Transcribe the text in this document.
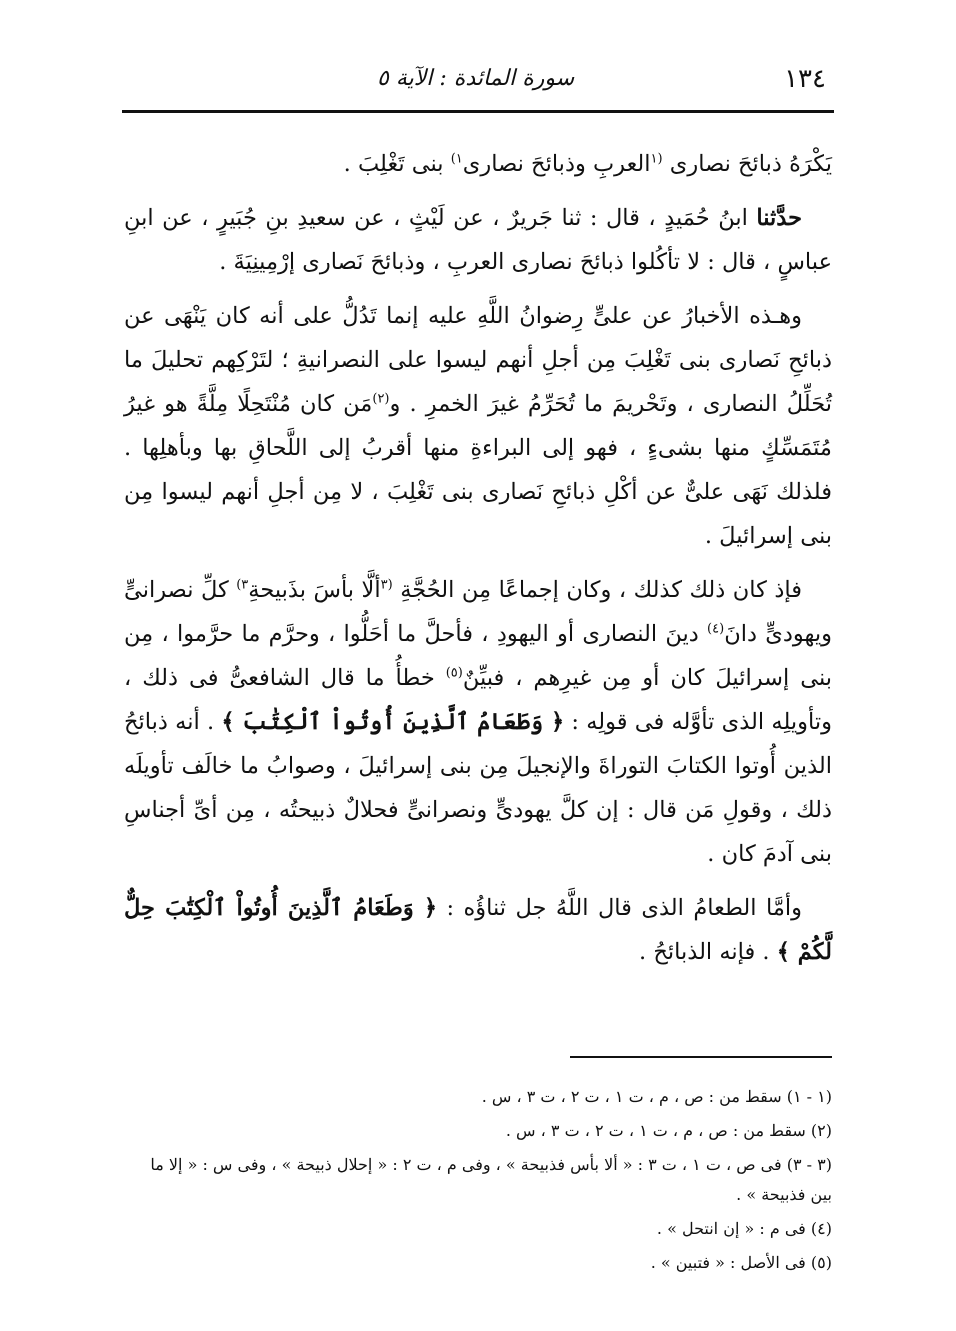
١٣٤
سورة المائدة : الآية ٥

يَكْرَهُ ذبائحَ نصارى $^{(١}$العربِ وذبائحَ نصارى$^{١)}$ بنى تَغْلِبَ .

حدَّثنا ابنُ حُمَيدٍ ، قال : ثنا جَريرٌ ، عن لَيْثٍ ، عن سعيدِ بنِ جُبَيرٍ ، عن ابنِ عباسٍ ، قال : لا تأكُلوا ذبائحَ نصارى العربِ ، وذبائحَ نَصارى إرْمِينِيَةَ .

وهـذه الأخبارُ عن علىٍّ رِضوانُ اللَّهِ عليه إنما تَدُلُّ على أنه كان يَنْهَى عن ذبائحِ نَصارى بنى تَغْلِبَ مِن أجلِ أنهم ليسوا على النصرانيةِ ؛ لتَرْكِهم تحليلَ ما تُحَلِّلُ النصارى ، وتَحْريمَ ما تُحَرِّمُ غيرَ الخمرِ . و$^{(٢)}$مَن كان مُنْتَحِلًا مِلَّةً هو غيرُ مُتَمَسِّكٍ منها بشىءٍ ، فهو إلى البراءةِ منها أقربُ إلى اللَّحاقِ بها وبأهلِها . فلذلك نَهَى علىٌّ عن أكْلِ ذبائحِ نَصارى بنى تَغْلِبَ ، لا مِن أجلِ أنهم ليسوا مِن بنى إسرائيلَ .

فإذ كان ذلك كذلك ، وكان إجماعًا مِن الحُجَّةِ $^{(٣}$ألَّا بأسَ بذَبيحةِ$^{٣)}$ كلِّ نصرانىٍّ ويهودىٍّ دانَ$^{(٤)}$ دينَ النصارى أو اليهودِ ، فأحلَّ ما أحَلُّوا ، وحرَّم ما حرَّموا ، مِن بنى إسرائيلَ كان أو مِن غيرِهم ، فبيِّنٌ$^{(٥)}$ خطأُ ما قال الشافعىُّ فى ذلك ، وتأويلِه الذى تأوَّله فى قولِه : ﴿ وَطَعَامُ ٱلَّذِينَ أُوتُواْ ٱلْكِتَٰبَ ﴾ . أنه ذبائحُ الذين أُوتوا الكتابَ التوراةَ والإنجيلَ مِن بنى إسرائيلَ ، وصوابُ ما خالَف تأويلَه ذلك ، وقولِ مَن قال : إن كلَّ يهودىٍّ ونصرانىٍّ فحلالٌ ذبيحتُه ، مِن أىِّ أجناسِ بنى آدمَ كان .

وأمَّا الطعامُ الذى قال اللَّهُ جل ثناؤُه : ﴿ وَطَعَامُ ٱلَّذِينَ أُوتُواْ ٱلْكِتَٰبَ حِلٌّ لَّكُمْ ﴾ . فإنه الذبائحُ .

(١ - ١) سقط من : ص ، م ، ت ١ ، ت ٢ ، ت ٣ ، س .

(٢) سقط من : ص ، م ، ت ١ ، ت ٢ ، ت ٣ ، س .

(٣ - ٣) فى ص ، ت ١ ، ت ٣ : « ألا بأس فذبيحة » ، وفى م ، ت ٢ : « إحلال ذبيحة » ، وفى س : « إلا ما بين فذبيحة » .

(٤) فى م : « إن انتحل » .

(٥) فى الأصل : « فتبين » .
